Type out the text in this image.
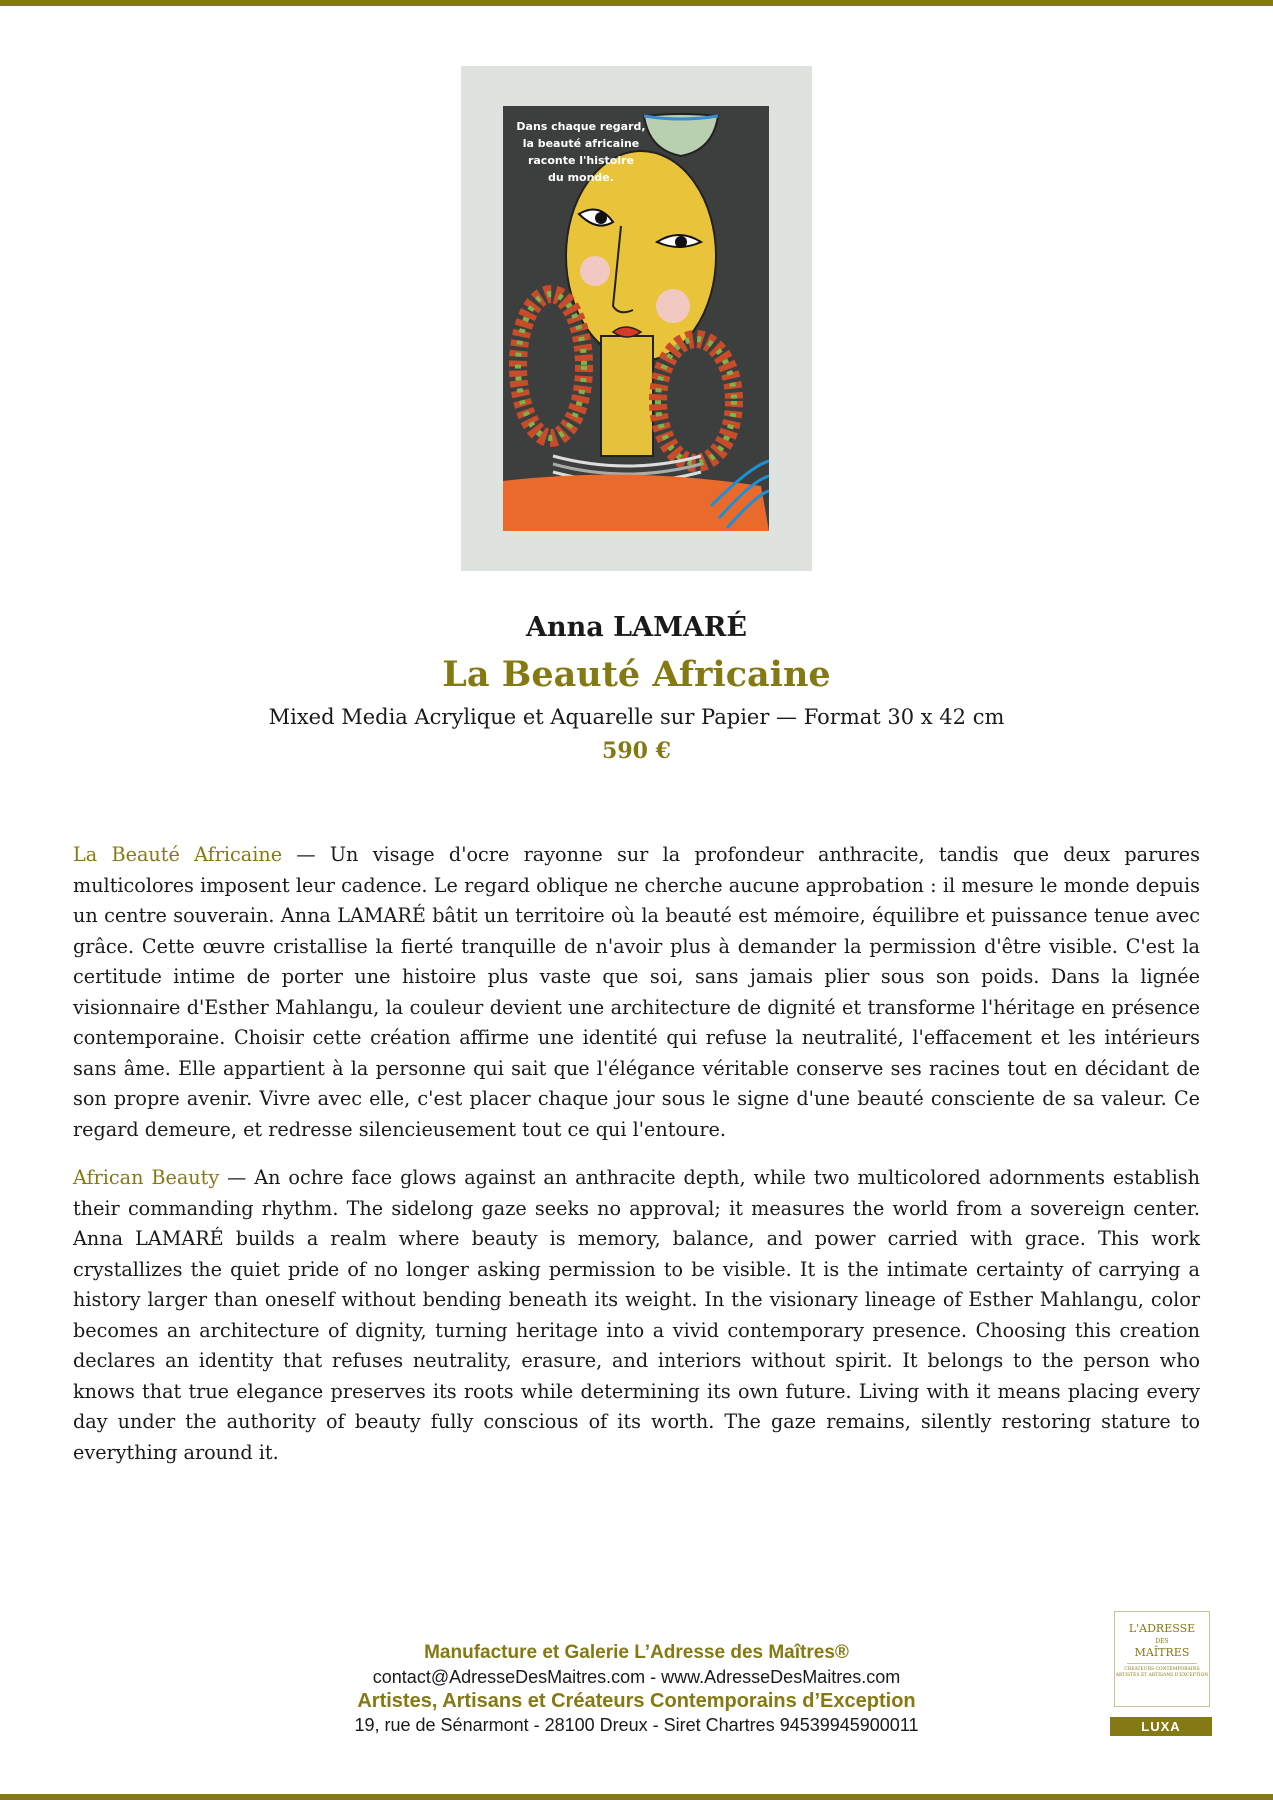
Dans chaque regard,
la beauté africaine
raconte l'histoire
du monde.
Anna LAMARÉ
La Beauté Africaine
Mixed Media Acrylique et Aquarelle sur Papier — Format 30 x 42 cm
590 €

La Beauté Africaine — Un visage d'ocre rayonne sur la profondeur anthracite, tandis que deux parures multicolores imposent leur cadence. Le regard oblique ne cherche aucune approbation : il mesure le monde depuis un centre souverain. Anna LAMARÉ bâtit un territoire où la beauté est mémoire, équilibre et puissance tenue avec grâce. Cette œuvre cristallise la fierté tranquille de n'avoir plus à demander la permission d'être visible. C'est la certitude intime de porter une histoire plus vaste que soi, sans jamais plier sous son poids. Dans la lignée visionnaire d'Esther Mahlangu, la couleur devient une architecture de dignité et transforme l'héritage en présence contemporaine. Choisir cette création affirme une identité qui refuse la neutralité, l'effacement et les intérieurs sans âme. Elle appartient à la personne qui sait que l'élégance véritable conserve ses racines tout en décidant de son propre avenir. Vivre avec elle, c'est placer chaque jour sous le signe d'une beauté consciente de sa valeur. Ce regard demeure, et redresse silencieusement tout ce qui l'entoure.

African Beauty — An ochre face glows against an anthracite depth, while two multicolored adornments establish their commanding rhythm. The sidelong gaze seeks no approval; it measures the world from a sovereign center. Anna LAMARÉ builds a realm where beauty is memory, balance, and power carried with grace. This work crystallizes the quiet pride of no longer asking permission to be visible. It is the intimate certainty of carrying a history larger than oneself without bending beneath its weight. In the visionary lineage of Esther Mahlangu, color becomes an architecture of dignity, turning heritage into a vivid contemporary presence. Choosing this creation declares an identity that refuses neutrality, erasure, and interiors without spirit. It belongs to the person who knows that true elegance preserves its roots while determining its own future. Living with it means placing every day under the authority of beauty fully conscious of its worth. The gaze remains, silently restoring stature to everything around it.

Manufacture et Galerie L’Adresse des Maîtres®
contact@AdresseDesMaitres.com - www.AdresseDesMaitres.com
Artistes, Artisans et Créateurs Contemporains d’Exception
19, rue de Sénarmont - 28100 Dreux - Siret Chartres 94539945900011
L'ADRESSE
DES
MAÎTRES
CRÉATEURS CONTEMPORAINS ARTISTES ET ARTISANS D'EXCEPTION
LUXA
